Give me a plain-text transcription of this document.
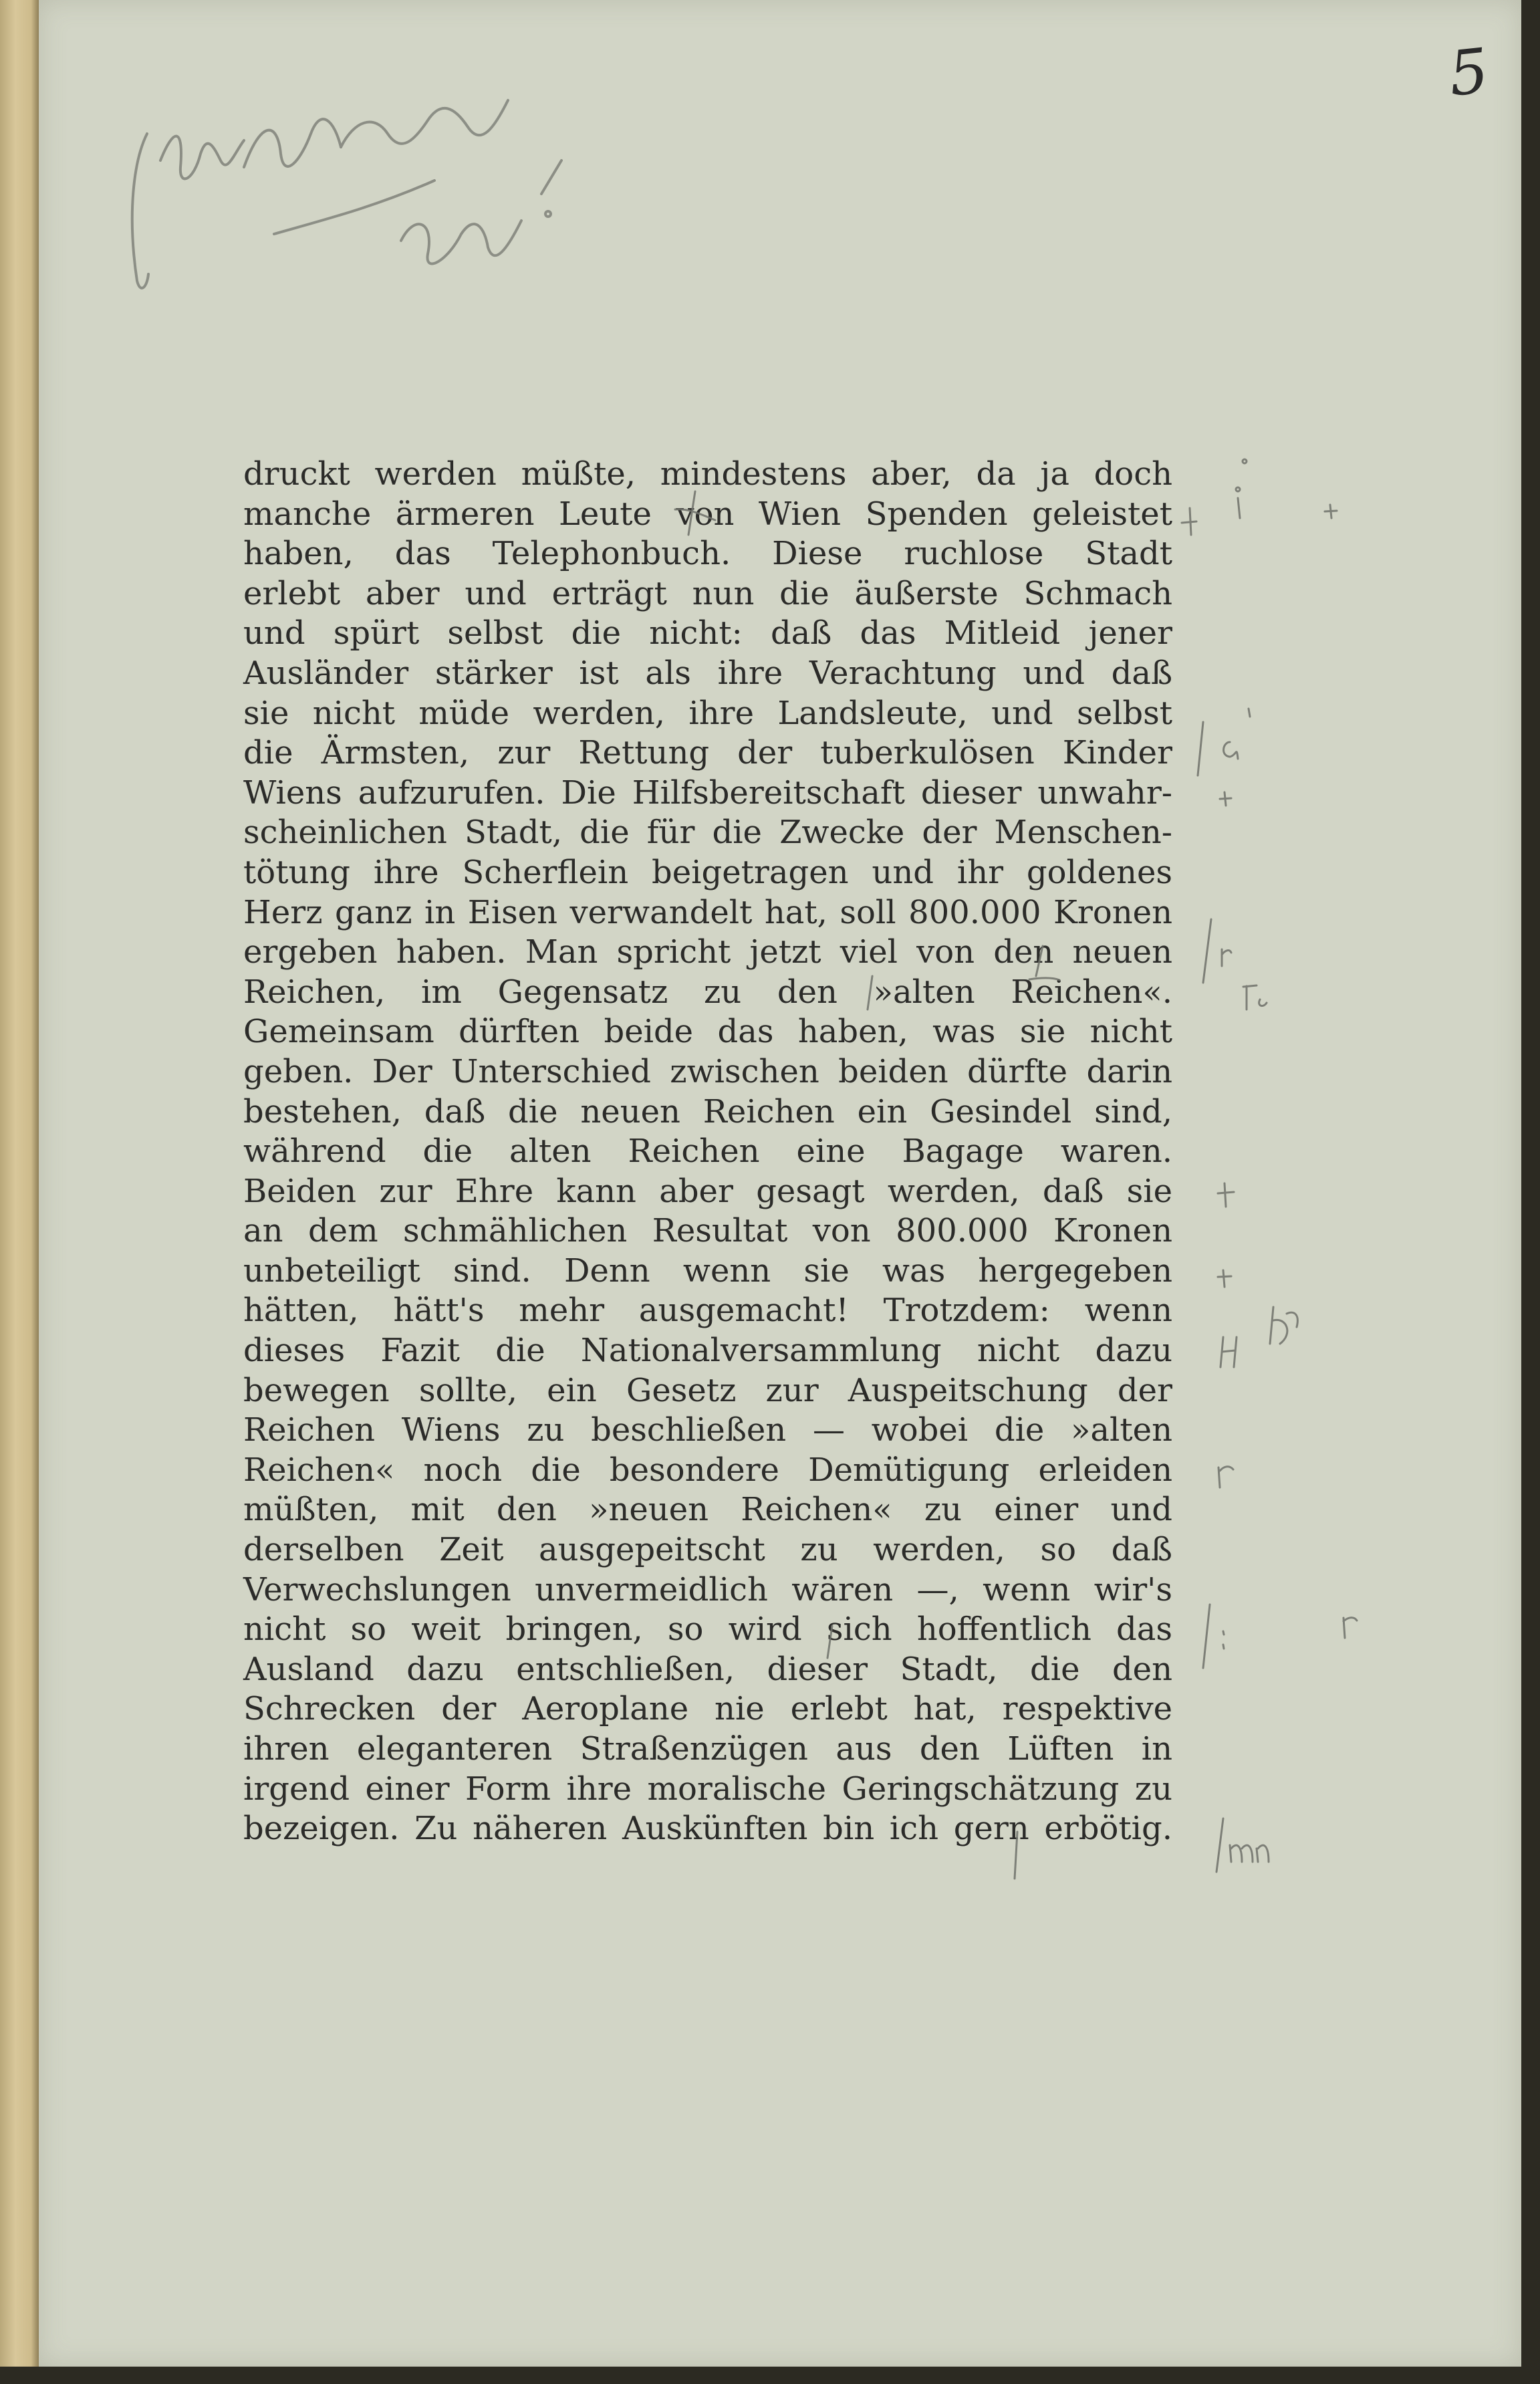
5
druckt werden müßte, mindestens aber, da ja doch
manche ärmeren Leute von Wien Spenden geleistet
haben, das Telephonbuch. Diese ruchlose Stadt
erlebt aber und erträgt nun die äußerste Schmach
und spürt selbst die nicht: daß das Mitleid jener
Ausländer stärker ist als ihre Verachtung und daß
sie nicht müde werden, ihre Landsleute, und selbst
die Ärmsten, zur Rettung der tuberkulösen Kinder
Wiens aufzurufen. Die Hilfsbereitschaft dieser unwahr-
scheinlichen Stadt, die für die Zwecke der Menschen-
tötung ihre Scherflein beigetragen und ihr goldenes
Herz ganz in Eisen verwandelt hat, soll 800.000 Kronen
ergeben haben. Man spricht jetzt viel von den neuen
Reichen, im Gegensatz zu den »alten Reichen«.
Gemeinsam dürften beide das haben, was sie nicht
geben. Der Unterschied zwischen beiden dürfte darin
bestehen, daß die neuen Reichen ein Gesindel sind,
während die alten Reichen eine Bagage waren.
Beiden zur Ehre kann aber gesagt werden, daß sie
an dem schmählichen Resultat von 800.000 Kronen
unbeteiligt sind. Denn wenn sie was hergegeben
hätten, hätt's mehr ausgemacht! Trotzdem: wenn
dieses Fazit die Nationalversammlung nicht dazu
bewegen sollte, ein Gesetz zur Auspeitschung der
Reichen Wiens zu beschließen — wobei die »alten
Reichen« noch die besondere Demütigung erleiden
müßten, mit den »neuen Reichen« zu einer und
derselben Zeit ausgepeitscht zu werden, so daß
Verwechslungen unvermeidlich wären —, wenn wir's
nicht so weit bringen, so wird sich hoffentlich das
Ausland dazu entschließen, dieser Stadt, die den
Schrecken der Aeroplane nie erlebt hat, respektive
ihren eleganteren Straßenzügen aus den Lüften in
irgend einer Form ihre moralische Geringschätzung zu
bezeigen. Zu näheren Auskünften bin ich gern erbötig.
